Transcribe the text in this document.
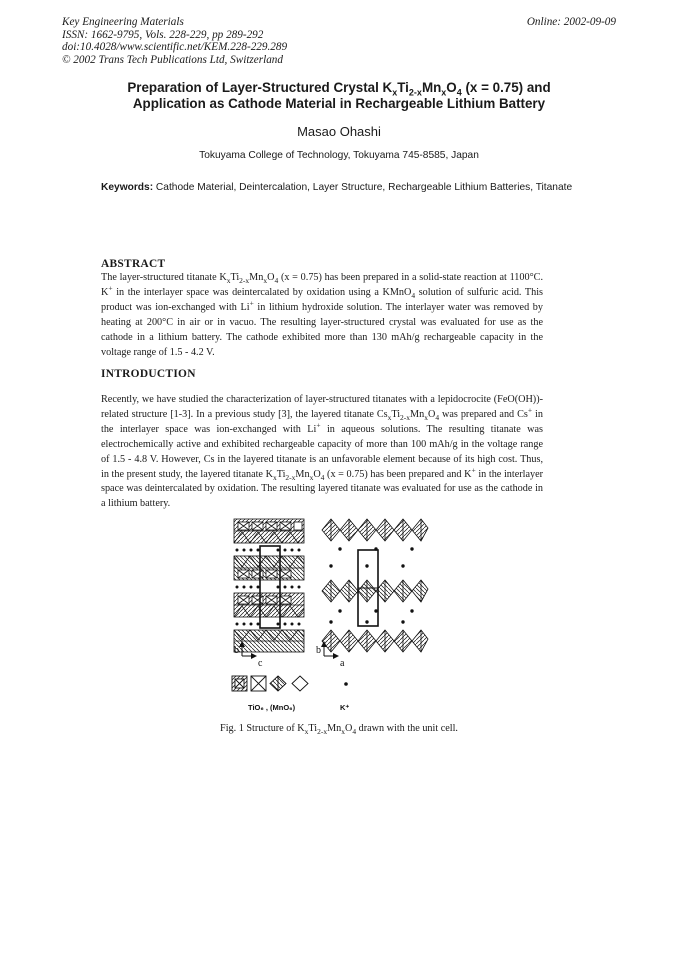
Key Engineering Materials
ISSN: 1662-9795, Vols. 228-229, pp 289-292
doi:10.4028/www.scientific.net/KEM.228-229.289
© 2002 Trans Tech Publications Ltd, Switzerland
Online: 2002-09-09
Preparation of Layer-Structured Crystal $K_xTi_{2-x}Mn_xO_4$ (x = 0.75) and
Application as Cathode Material in Rechargeable Lithium Battery
Masao Ohashi
Tokuyama College of Technology, Tokuyama 745-8585, Japan
Keywords: Cathode Material, Deintercalation, Layer Structure, Rechargeable Lithium Batteries, Titanate
ABSTRACT
The layer-structured titanate $K_xTi_{2-x}Mn_xO_4$ (x = 0.75) has been prepared in a solid-state reaction at 1100°C. K+ in the interlayer space was deintercalated by oxidation using a KMnO$_4$ solution of sulfuric acid. This product was ion-exchanged with Li+ in lithium hydroxide solution. The interlayer water was removed by heating at 200°C in air or in vacuo. The resulting layer-structured crystal was evaluated for use as the cathode in a lithium battery. The cathode exhibited more than 130 mAh/g rechargeable capacity in the voltage range of 1.5 - 4.2 V.
INTRODUCTION
Recently, we have studied the characterization of layer-structured titanates with a lepidocrocite (FeO(OH))-related structure [1-3]. In a previous study [3], the layered titanate $Cs_xTi_{2-x}Mn_xO_4$ was prepared and Cs+ in the interlayer space was ion-exchanged with Li+ in aqueous solutions. The resulting titanate was electrochemically active and exhibited rechargeable capacity of more than 100 mAh/g in the voltage range of 1.5 - 4.8 V. However, Cs in the layered titanate is an unfavorable element because of its high cost. Thus, in the present study, the layered titanate $K_xTi_{2-x}Mn_xO_4$ (x = 0.75) has been prepared and K+ in the interlayer space was deintercalated by oxidation. The resulting layered titanate was evaluated for use as the cathode in a lithium battery.
b
c
b
a
TiO₆ , (MnO₆)	K⁺
Fig. 1 Structure of $K_xTi_{2-x}Mn_xO_4$ drawn with the unit cell.
